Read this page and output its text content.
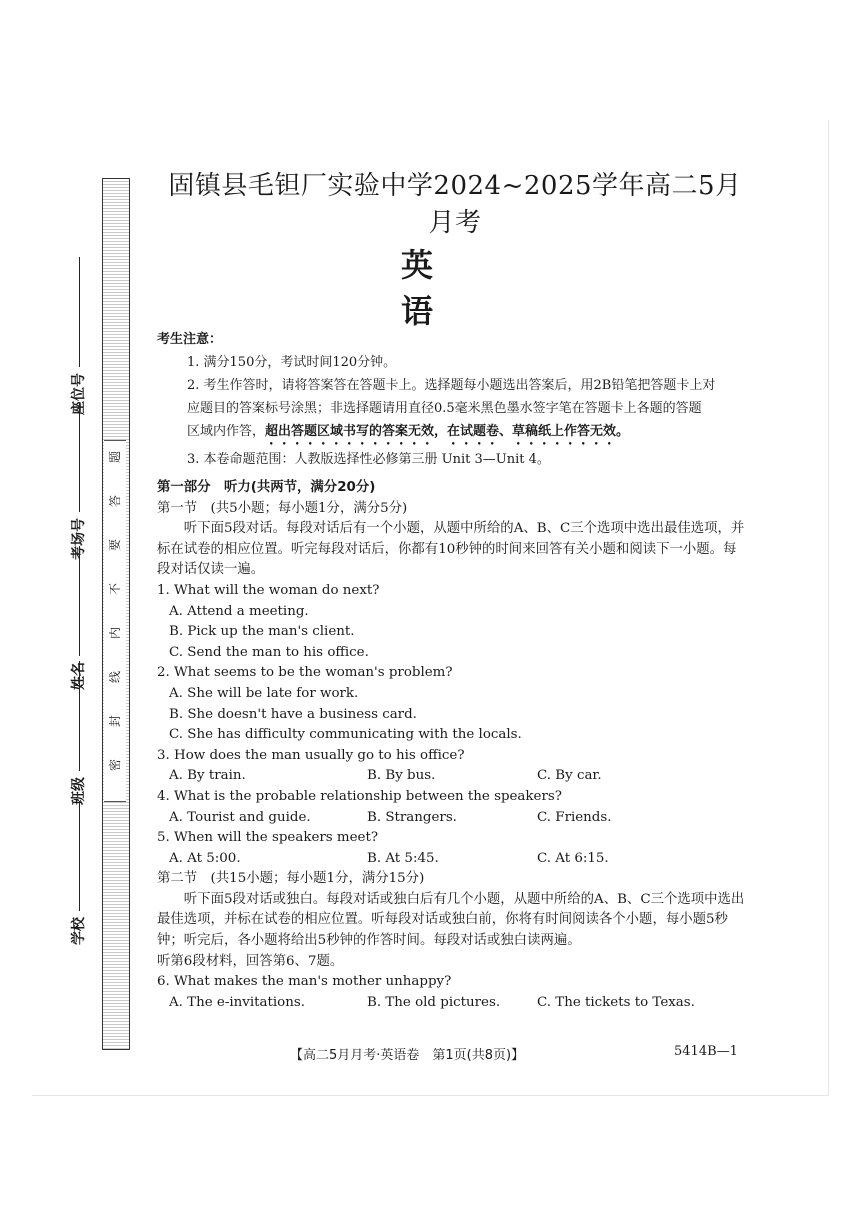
题
答
要
不
内
线
封
密
座位号
考场号
姓名
班级
学校
固镇县毛钽厂实验中学2024~2025学年高二5月月考
英 语
考生注意：
1. 满分150分，考试时间120分钟。
2. 考生作答时，请将答案答在答题卡上。选择题每小题选出答案后，用2B铅笔把答题卡上对
应题目的答案标号涂黑；非选择题请用直径0.5毫米黑色墨水签字笔在答题卡上各题的答题
区域内作答，超出答题区域书写的答案无效，在试题卷、草稿纸上作答无效。
3. 本卷命题范围：人教版选择性必修第三册 Unit 3—Unit 4。
第一部分　听力(共两节，满分20分)
第一节　(共5小题；每小题1分，满分5分)
听下面5段对话。每段对话后有一个小题，从题中所给的A、B、C三个选项中选出最佳选项，并标在试卷的相应位置。听完每段对话后，你都有10秒钟的时间来回答有关小题和阅读下一小题。每段对话仅读一遍。
1. What will the woman do next?
A. Attend a meeting.
B. Pick up the man's client.
C. Send the man to his office.
2. What seems to be the woman's problem?
A. She will be late for work.
B. She doesn't have a business card.
C. She has difficulty communicating with the locals.
3. How does the man usually go to his office?
A. By train.	B. By bus.	C. By car.
4. What is the probable relationship between the speakers?
A. Tourist and guide.	B. Strangers.	C. Friends.
5. When will the speakers meet?
A. At 5:00.	B. At 5:45.	C. At 6:15.
第二节　(共15小题；每小题1分，满分15分)
听下面5段对话或独白。每段对话或独白后有几个小题，从题中所给的A、B、C三个选项中选出最佳选项，并标在试卷的相应位置。听每段对话或独白前，你将有时间阅读各个小题，每小题5秒钟；听完后，各小题将给出5秒钟的作答时间。每段对话或独白读两遍。
听第6段材料，回答第6、7题。
6. What makes the man's mother unhappy?
A. The e-invitations.	B. The old pictures.	C. The tickets to Texas.
【高二5月月考·英语卷　第1页(共8页)】	5414B—1
